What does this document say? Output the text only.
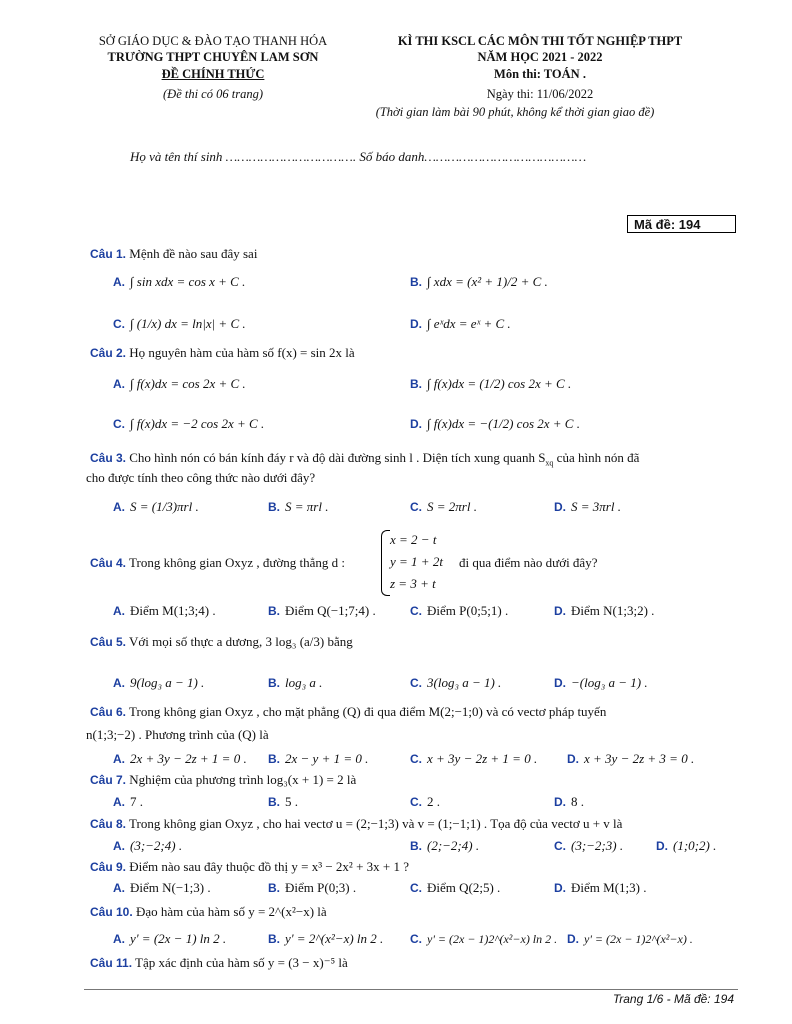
SỞ GIÁO DỤC & ĐÀO TẠO THANH HÓA
TRƯỜNG THPT CHUYÊN LAM SƠN
ĐỀ CHÍNH THỨC
(Đề thi có 06 trang)
KÌ THI KSCL CÁC MÔN THI TỐT NGHIỆP THPT
NĂM HỌC 2021 - 2022
Môn thi: TOÁN .
Ngày thi: 11/06/2022
(Thời gian làm bài 90 phút, không kể thời gian giao đề)
Họ và tên thí sinh ……………………………. Số báo danh……………………………………
Mã đề: 194
Câu 1. Mệnh đề nào sau đây sai
A. ∫ sin xdx = cos x + C .	B. ∫ xdx = (x² + 1)/2 + C .
C. ∫ (1/x) dx = ln|x| + C .	D. ∫ eˣdx = eˣ + C .
Câu 2. Họ nguyên hàm của hàm số f(x) = sin 2x là
A. ∫ f(x)dx = cos 2x + C .	B. ∫ f(x)dx = (1/2) cos 2x + C .
C. ∫ f(x)dx = −2 cos 2x + C .	D. ∫ f(x)dx = −(1/2) cos 2x + C .
Câu 3. Cho hình nón có bán kính đáy r và độ dài đường sinh l . Diện tích xung quanh $S_{xq}$ của hình nón đã
cho được tính theo công thức nào dưới đây?
A. S = (1/3)πrl .	B. S = πrl .	C. S = 2πrl .	D. S = 3πrl .
Câu 4. Trong không gian Oxyz , đường thẳng d :
x = 2 − t
y = 1 + 2t
z = 3 + t
đi qua điểm nào dưới đây?
A. Điểm M(1;3;4) .	B. Điểm Q(−1;7;4) .	C. Điểm P(0;5;1) .	D. Điểm N(1;3;2) .
Câu 5. Với mọi số thực a dương, 3 log₃ (a/3) bằng
A. 9(log₃ a − 1) .	B. log₃ a .	C. 3(log₃ a − 1) .	D. −(log₃ a − 1) .
Câu 6. Trong không gian Oxyz , cho mặt phẳng (Q) đi qua điểm M(2;−1;0) và có vectơ pháp tuyến
n(1;3;−2) . Phương trình của (Q) là
A. 2x + 3y − 2z + 1 = 0 . B. 2x − y + 1 = 0 .	C. x + 3y − 2z + 1 = 0 . D. x + 3y − 2z + 3 = 0 .
Câu 7. Nghiệm của phương trình log₃(x + 1) = 2 là
A. 7 .	B. 5 .	C. 2 .	D. 8 .
Câu 8. Trong không gian Oxyz , cho hai vectơ u = (2;−1;3) và v = (1;−1;1) . Tọa độ của vectơ u + v là
A. (3;−2;4) .	B. (2;−2;4) .	C. (3;−2;3) .	D. (1;0;2) .
Câu 9. Điểm nào sau đây thuộc đồ thị y = x³ − 2x² + 3x + 1 ?
A. Điểm N(−1;3) .	B. Điểm P(0;3) .	C. Điểm Q(2;5) .	D. Điểm M(1;3) .
Câu 10. Đạo hàm của hàm số y = 2^(x²−x) là
A. y' = (2x − 1) ln 2 .	B. y' = 2^(x²−x) ln 2 . C. y' = (2x − 1)2^(x²−x) ln 2 . D. y' = (2x − 1)2^(x²−x) .
Câu 11. Tập xác định của hàm số y = (3 − x)⁻⁵ là
Trang 1/6 - Mã đề: 194
